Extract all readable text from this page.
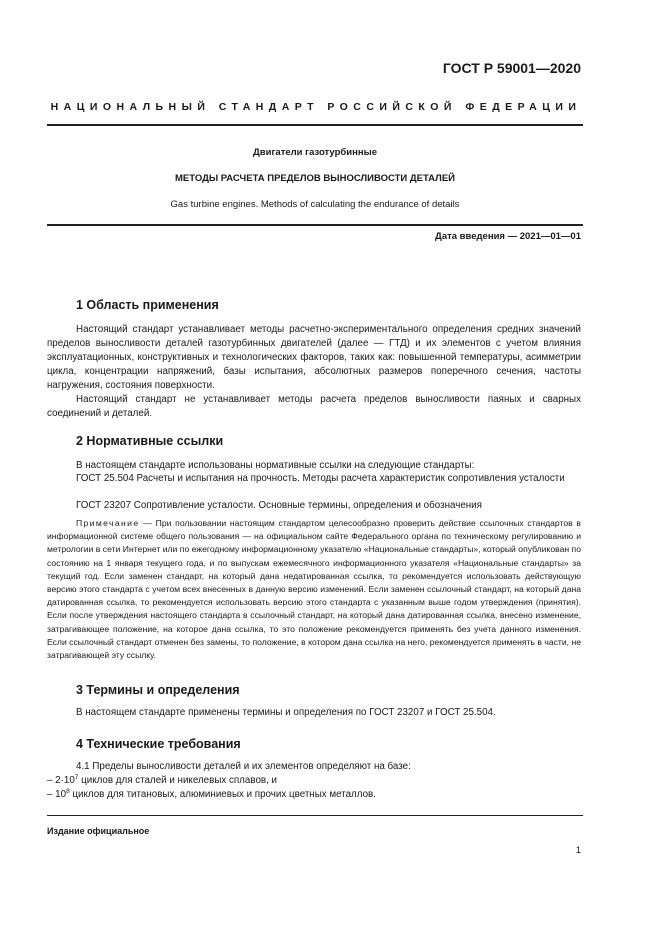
ГОСТ Р 59001—2020
НАЦИОНАЛЬНЫЙ СТАНДАРТ РОССИЙСКОЙ ФЕДЕРАЦИИ
Двигатели газотурбинные
МЕТОДЫ РАСЧЕТА ПРЕДЕЛОВ ВЫНОСЛИВОСТИ ДЕТАЛЕЙ
Gas turbine engines. Methods of calculating the endurance of details
Дата введения — 2021—01—01
1 Область применения

Настоящий стандарт устанавливает методы расчетно-экспериментального определения средних значений пределов выносливости деталей газотурбинных двигателей (далее — ГТД) и их элементов с учетом влияния эксплуатационных, конструктивных и технологических факторов, таких как: повышенной температуры, асимметрии цикла, концентрации напряжений, базы испытания, абсолютных размеров поперечного сечения, частоты нагружения, состояния поверхности.

Настоящий стандарт не устанавливает методы расчета пределов выносливости паяных и сварных соединений и деталей.

2 Нормативные ссылки

В настоящем стандарте использованы нормативные ссылки на следующие стандарты:

ГОСТ 25.504 Расчеты и испытания на прочность. Методы расчета характеристик сопротивления усталости

ГОСТ 23207 Сопротивление усталости. Основные термины, определения и обозначения

Примечание — При пользовании настоящим стандартом целесообразно проверить действие ссылочных стандартов в информационной системе общего пользования — на официальном сайте Федерального органа по техническому регулированию и метрологии в сети Интернет или по ежегодному информационному указателю «Национальные стандарты», который опубликован по состоянию на 1 января текущего года, и по выпускам ежемесячного информационного указателя «Национальные стандарты» за текущий год. Если заменен стандарт, на который дана недатированная ссылка, то рекомендуется использовать действующую версию этого стандарта с учетом всех внесенных в данную версию изменений. Если заменен ссылочный стандарт, на который дана датированная ссылка, то рекомендуется использовать версию этого стандарта с указанным выше годом утверждения (принятия). Если после утверждения настоящего стандарта в ссылочный стандарт, на который дана датированная ссылка, внесено изменение, затрагивающее положение, на которое дана ссылка, то это положение рекомендуется применять без учета данного изменения. Если ссылочный стандарт отменен без замены, то положение, в котором дана ссылка на него, рекомендуется применять в части, не затрагивающей эту ссылку.

3 Термины и определения

В настоящем стандарте применены термины и определения по ГОСТ 23207 и ГОСТ 25.504.

4 Технические требования

4.1 Пределы выносливости деталей и их элементов определяют на базе:

– $2\cdot 10^7$ циклов для сталей и никелевых сплавов, и
– $10^8$ циклов для титановых, алюминиевых и прочих цветных металлов.
Издание официальное
1
